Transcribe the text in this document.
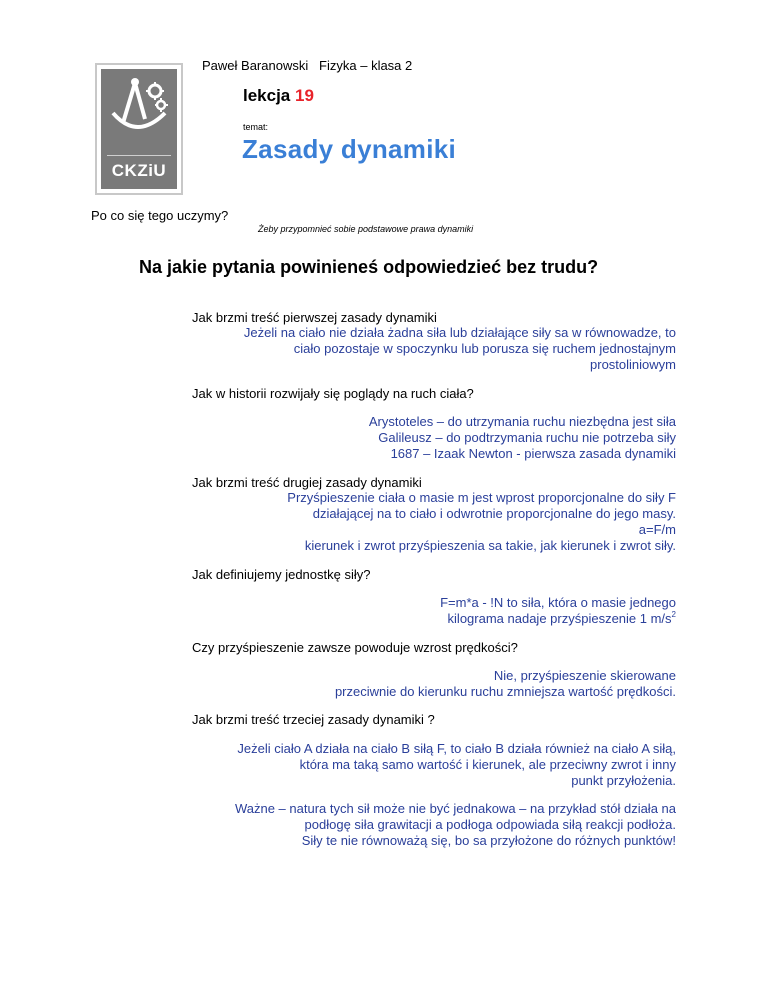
Paweł Baranowski   Fizyka – klasa 2
CKZiU
lekcja 19
temat:
Zasady dynamiki
Po co się tego uczymy?
Żeby przypomnieć sobie podstawowe prawa dynamiki
Na jakie pytania powinieneś odpowiedzieć bez trudu?
Jak brzmi treść pierwszej zasady dynamiki
Jeżeli na ciało nie działa żadna siła lub działające siły sa w równowadze, to
ciało pozostaje w spoczynku lub porusza się ruchem jednostajnym
prostoliniowym
Jak w historii rozwijały się poglądy na ruch ciała?
Arystoteles – do utrzymania ruchu niezbędna jest siła
Galileusz – do podtrzymania ruchu nie potrzeba siły
1687 – Izaak Newton - pierwsza zasada dynamiki
Jak brzmi treść drugiej zasady dynamiki
Przyśpieszenie ciała o masie m jest wprost proporcjonalne do siły F
działającej na to ciało i odwrotnie proporcjonalne do jego masy.
a=F/m
kierunek i zwrot przyśpieszenia sa takie, jak kierunek i zwrot siły.
Jak definiujemy jednostkę siły?
F=m*a - !N to siła, która o masie jednego
kilograma nadaje przyśpieszenie 1 $m/s^2$
Czy przyśpieszenie zawsze powoduje wzrost prędkości?
Nie, przyśpieszenie skierowane
przeciwnie do kierunku ruchu zmniejsza wartość prędkości.
Jak brzmi treść trzeciej zasady dynamiki ?
Jeżeli ciało A działa na ciało B siłą F, to ciało B działa również na ciało A siłą,
która ma taką samo wartość i kierunek, ale przeciwny zwrot i inny
punkt przyłożenia.
Ważne – natura tych sił może nie być jednakowa – na przykład stół działa na
podłogę siła grawitacji a podłoga odpowiada siłą reakcji podłoża.
Siły te nie równoważą się, bo sa przyłożone do różnych punktów!
